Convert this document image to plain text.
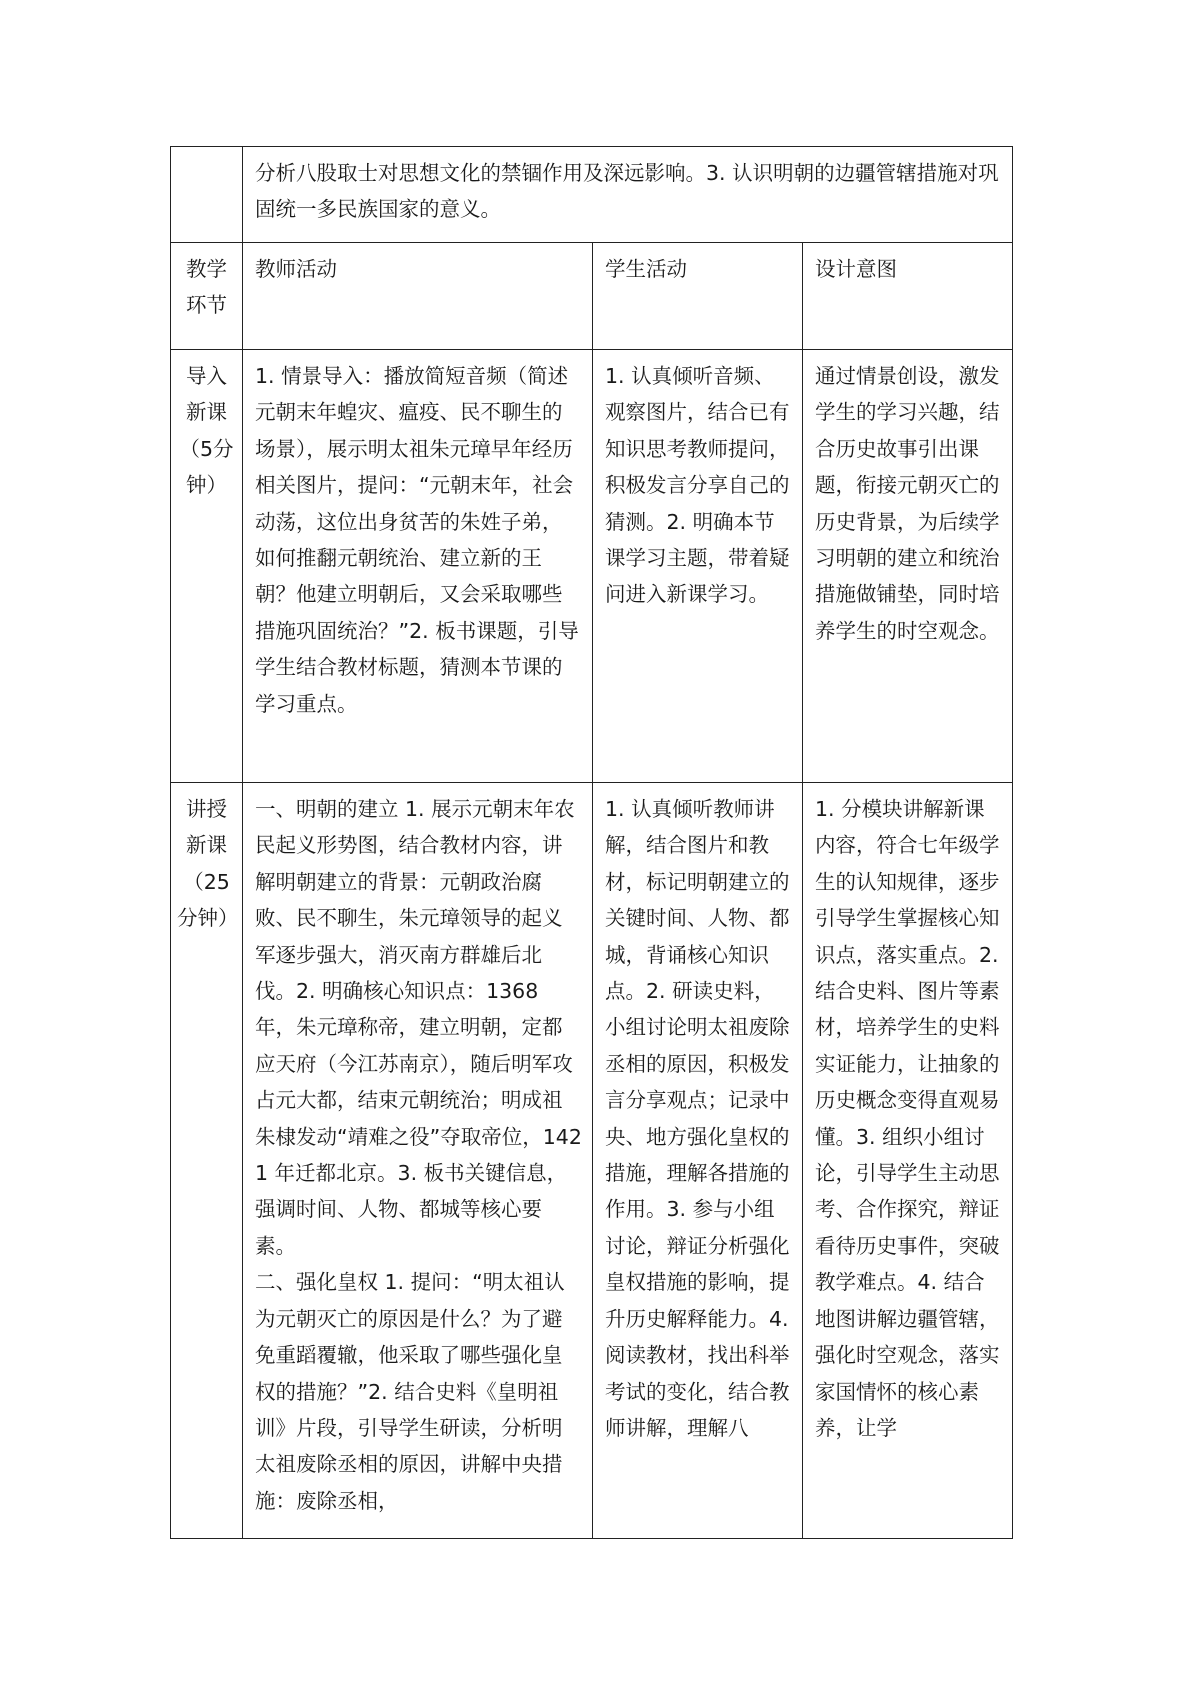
	分析八股取士对思想文化的禁锢作用及深远影响。3. 认识明朝的边疆管辖措施对巩固统一多民族国家的意义。		
教学环节	教师活动	学生活动	设计意图
导入新课（5分钟）	1. 情景导入：播放简短音频（简述元朝末年蝗灾、瘟疫、民不聊生的场景），展示明太祖朱元璋早年经历相关图片，提问：“元朝末年，社会动荡，这位出身贫苦的朱姓子弟，如何推翻元朝统治、建立新的王朝？他建立明朝后，又会采取哪些措施巩固统治？”2. 板书课题，引导学生结合教材标题，猜测本节课的学习重点。	1. 认真倾听音频、观察图片，结合已有知识思考教师提问，积极发言分享自己的猜测。2. 明确本节课学习主题，带着疑问进入新课学习。	通过情景创设，激发学生的学习兴趣，结合历史故事引出课题，衔接元朝灭亡的历史背景，为后续学习明朝的建立和统治措施做铺垫，同时培养学生的时空观念。
讲授新课（25分钟）	一、明朝的建立 1. 展示元朝末年农民起义形势图，结合教材内容，讲解明朝建立的背景：元朝政治腐败、民不聊生，朱元璋领导的起义军逐步强大，消灭南方群雄后北伐。2. 明确核心知识点：1368 年，朱元璋称帝，建立明朝，定都应天府（今江苏南京），随后明军攻占元大都，结束元朝统治；明成祖朱棣发动“靖难之役”夺取帝位，1421 年迁都北京。3. 板书关键信息，强调时间、人物、都城等核心要素。
二、强化皇权 1. 提问：“明太祖认为元朝灭亡的原因是什么？为了避免重蹈覆辙，他采取了哪些强化皇权的措施？”2. 结合史料《皇明祖训》片段，引导学生研读，分析明太祖废除丞相的原因，讲解中央措施：废除丞相，	1. 认真倾听教师讲解，结合图片和教材，标记明朝建立的关键时间、人物、都城，背诵核心知识点。2. 研读史料，小组讨论明太祖废除丞相的原因，积极发言分享观点；记录中央、地方强化皇权的措施，理解各措施的作用。3. 参与小组讨论，辩证分析强化皇权措施的影响，提升历史解释能力。4. 阅读教材，找出科举考试的变化，结合教师讲解，理解八	1. 分模块讲解新课内容，符合七年级学生的认知规律，逐步引导学生掌握核心知识点，落实重点。2. 结合史料、图片等素材，培养学生的史料实证能力，让抽象的历史概念变得直观易懂。3. 组织小组讨论，引导学生主动思考、合作探究，辩证看待历史事件，突破教学难点。4. 结合地图讲解边疆管辖，强化时空观念，落实家国情怀的核心素养，让学
